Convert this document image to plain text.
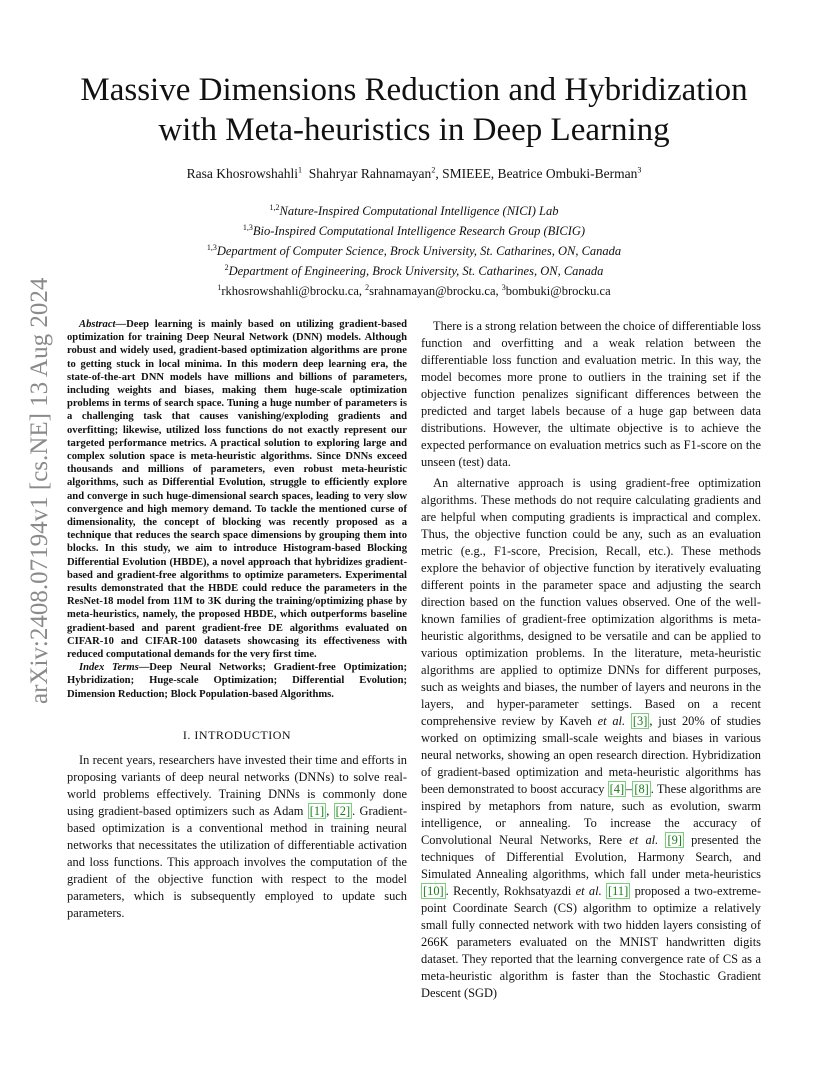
arXiv:2408.07194v1 [cs.NE] 13 Aug 2024
Massive Dimensions Reduction and Hybridization
with Meta-heuristics in Deep Learning
Rasa Khosrowshahli$^1$ Shahryar Rahnamayan$^2$, SMIEEE, Beatrice Ombuki-Berman$^3$
$^{1,2}$Nature-Inspired Computational Intelligence (NICI) Lab
$^{1,3}$Bio-Inspired Computational Intelligence Research Group (BICIG)
$^{1,3}$Department of Computer Science, Brock University, St. Catharines, ON, Canada
$^2$Department of Engineering, Brock University, St. Catharines, ON, Canada
$^1$rkhosrowshahli@brocku.ca, $^2$srahnamayan@brocku.ca, $^3$bombuki@brocku.ca

Abstract—Deep learning is mainly based on utilizing gradient-based optimization for training Deep Neural Network (DNN) models. Although robust and widely used, gradient-based optimization algorithms are prone to getting stuck in local minima. In this modern deep learning era, the state-of-the-art DNN models have millions and billions of parameters, including weights and biases, making them huge-scale optimization problems in terms of search space. Tuning a huge number of parameters is a challenging task that causes vanishing/exploding gradients and overfitting; likewise, utilized loss functions do not exactly represent our targeted performance metrics. A practical solution to exploring large and complex solution space is meta-heuristic algorithms. Since DNNs exceed thousands and millions of parameters, even robust meta-heuristic algorithms, such as Differential Evolution, struggle to efficiently explore and converge in such huge-dimensional search spaces, leading to very slow convergence and high memory demand. To tackle the mentioned curse of dimensionality, the concept of blocking was recently proposed as a technique that reduces the search space dimensions by grouping them into blocks. In this study, we aim to introduce Histogram-based Blocking Differential Evolution (HBDE), a novel approach that hybridizes gradient-based and gradient-free algorithms to optimize parameters. Experimental results demonstrated that the HBDE could reduce the parameters in the ResNet-18 model from 11M to 3K during the training/optimizing phase by meta-heuristics, namely, the proposed HBDE, which outperforms baseline gradient-based and parent gradient-free DE algorithms evaluated on CIFAR-10 and CIFAR-100 datasets showcasing its effectiveness with reduced computational demands for the very first time.

Index Terms—Deep Neural Networks; Gradient-free Optimization; Hybridization; Huge-scale Optimization; Differential Evolution; Dimension Reduction; Block Population-based Algorithms.

I. INTRODUCTION

In recent years, researchers have invested their time and efforts in proposing variants of deep neural networks (DNNs) to solve real-world problems effectively. Training DNNs is commonly done using gradient-based optimizers such as Adam [1] , [2] . Gradient-based optimization is a conventional method in training neural networks that necessitates the utilization of differentiable activation and loss functions. This approach involves the computation of the gradient of the objective function with respect to the model parameters, which is subsequently employed to update such parameters.

There is a strong relation between the choice of differentiable loss function and overfitting and a weak relation between the differentiable loss function and evaluation metric. In this way, the model becomes more prone to outliers in the training set if the objective function penalizes significant differences between the predicted and target labels because of a huge gap between data distributions. However, the ultimate objective is to achieve the expected performance on evaluation metrics such as F1-score on the unseen (test) data.

An alternative approach is using gradient-free optimization algorithms. These methods do not require calculating gradients and are helpful when computing gradients is impractical and complex. Thus, the objective function could be any, such as an evaluation metric (e.g., F1-score, Precision, Recall, etc.). These methods explore the behavior of objective function by iteratively evaluating different points in the parameter space and adjusting the search direction based on the function values observed. One of the well-known families of gradient-free optimization algorithms is meta-heuristic algorithms, designed to be versatile and can be applied to various optimization problems. In the literature, meta-heuristic algorithms are applied to optimize DNNs for different purposes, such as weights and biases, the number of layers and neurons in the layers, and hyper-parameter settings. Based on a recent comprehensive review by Kaveh et al. [3] , just 20% of studies worked on optimizing small-scale weights and biases in various neural networks, showing an open research direction. Hybridization of gradient-based optimization and meta-heuristic algorithms has been demonstrated to boost accuracy [4] – [8] . These algorithms are inspired by metaphors from nature, such as evolution, swarm intelligence, or annealing. To increase the accuracy of Convolutional Neural Networks, Rere et al. [9] presented the techniques of Differential Evolution, Harmony Search, and Simulated Annealing algorithms, which fall under meta-heuristics [10] . Recently, Rokhsatyazdi et al. [11] proposed a two-extreme-point Coordinate Search (CS) algorithm to optimize a relatively small fully connected network with two hidden layers consisting of 266K parameters evaluated on the MNIST handwritten digits dataset. They reported that the learning convergence rate of CS as a meta-heuristic algorithm is faster than the Stochastic Gradient Descent (SGD)
